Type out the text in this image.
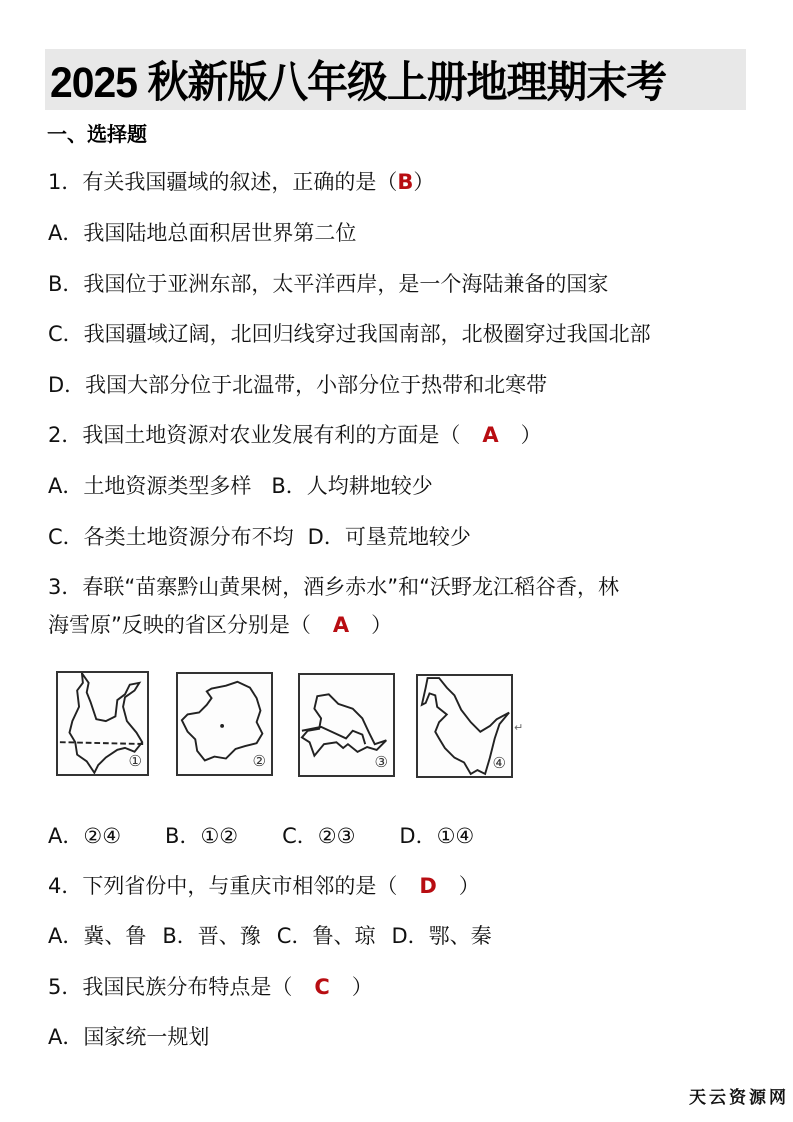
2025 秋新版八年级上册地理期末考
一、选择题
1．有关我国疆域的叙述，正确的是（B）
A．我国陆地总面积居世界第二位
B．我国位于亚洲东部，太平洋西岸，是一个海陆兼备的国家
C．我国疆域辽阔，北回归线穿过我国南部，北极圈穿过我国北部
D．我国大部分位于北温带，小部分位于热带和北寒带
2．我国土地资源对农业发展有利的方面是（ A ）
A．土地资源类型多样 B．人均耕地较少
C．各类土地资源分布不均 D．可垦荒地较少
3．春联“苗寨黔山黄果树，酒乡赤水”和“沃野龙江稻谷香，林
海雪原”反映的省区分别是（ A ）
①	②	③	④
↵
A．②④ B．①② C．②③ D．①④
4．下列省份中，与重庆市相邻的是（ D ）
A．冀、鲁 B．晋、豫 C．鲁、琼 D．鄂、秦
5．我国民族分布特点是（ C ）
A．国家统一规划
天云资源网
